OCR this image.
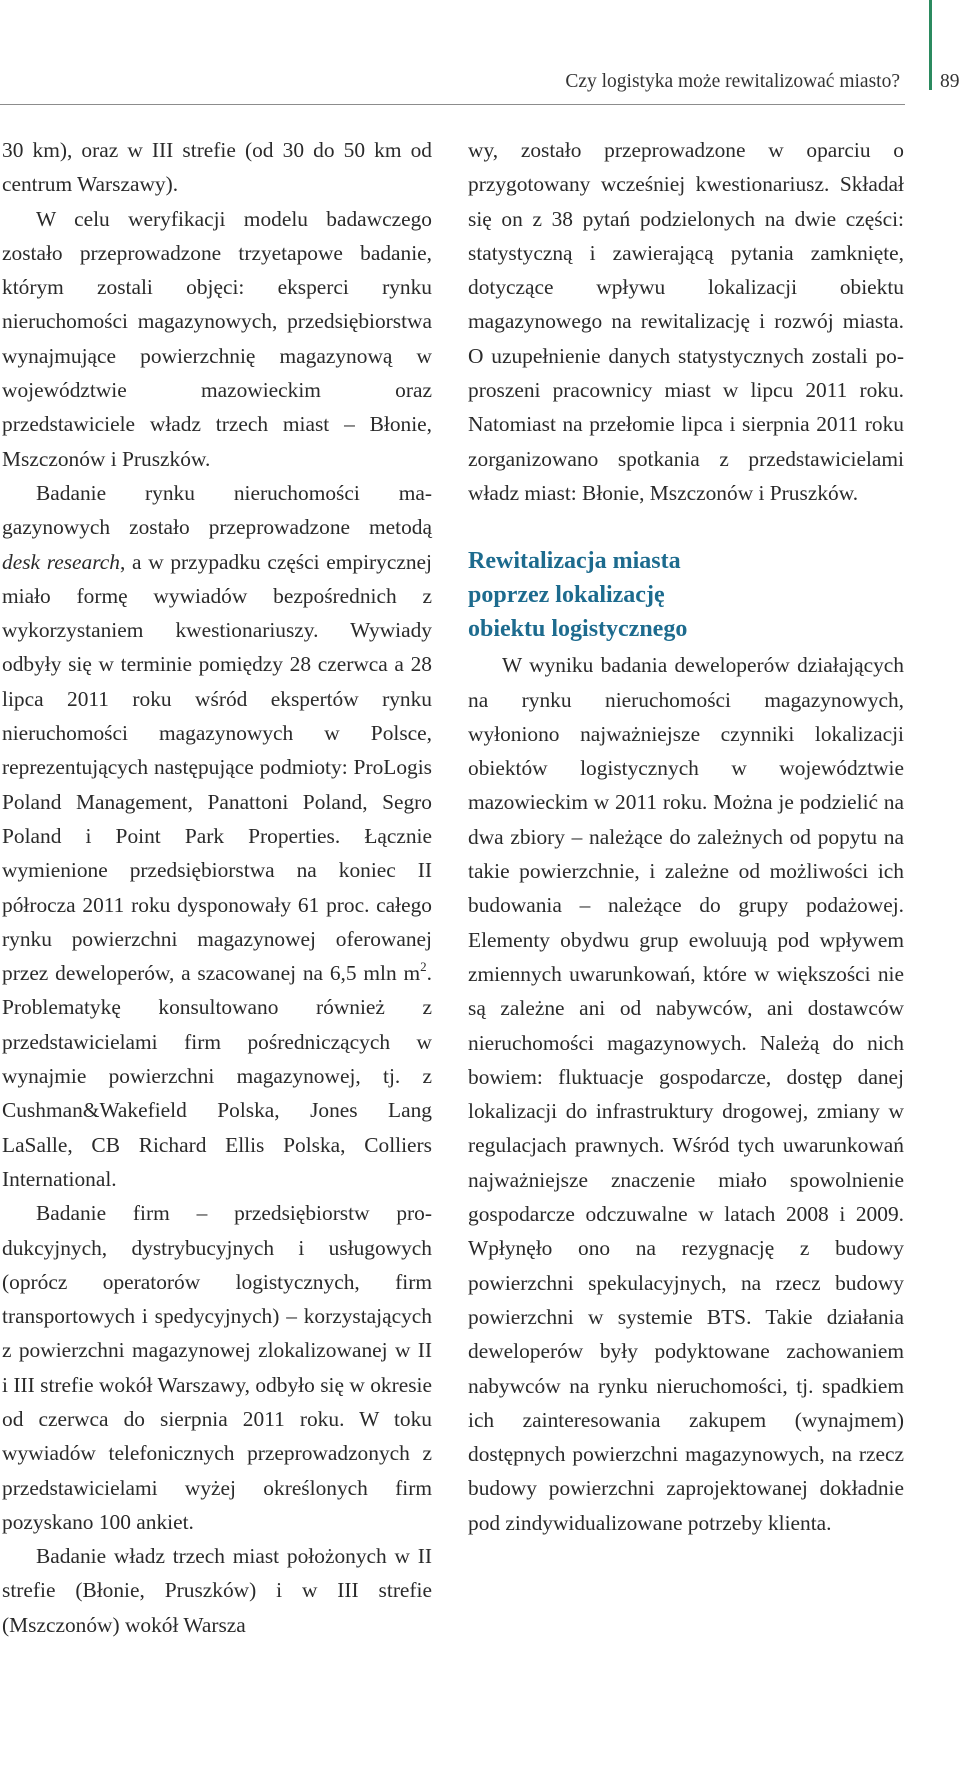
Czy logistyka może rewitalizować miasto? 89

30 km), oraz w III strefie (od 30 do 50 km od centrum Warszawy).

W celu weryfikacji modelu badawczego zostało przeprowadzone trzyetapowe badanie, którym zostali objęci: eksperci rynku nieruchomości magazynowych, przedsiębiorstwa wynajmujące powierzchnię magazynową w województwie mazowieckim oraz przedstawiciele władz trzech miast – Błonie, Mszczonów i Pruszków.

Badanie rynku nieruchomości magazynowych zostało przeprowadzone metodą desk research, a w przypadku części empirycznej miało formę wywiadów bezpośrednich z wykorzystaniem kwestionariuszy. Wywiady odbyły się w terminie pomiędzy 28 czerwca a 28 lipca 2011 roku wśród ekspertów rynku nieruchomości magazynowych w Polsce, reprezentujących następujące podmioty: ProLogis Poland Management, Panattoni Poland, Segro Poland i Point Park Properties. Łącznie wymienione przedsiębiorstwa na koniec II półrocza 2011 roku dysponowały 61 proc. całego rynku powierzchni magazynowej oferowanej przez deweloperów, a szacowanej na 6,5 mln $m^2$. Problematykę konsultowano również z przedstawicielami firm pośredniczących w wynajmie powierzchni magazynowej, tj. z Cushman&Wakefield Polska, Jones Lang LaSalle, CB Richard Ellis Polska, Colliers International.

Badanie firm – przedsiębiorstw produkcyjnych, dystrybucyjnych i usługowych (oprócz operatorów logistycznych, firm transportowych i spedycyjnych) – korzystających z powierzchni magazynowej zlokalizowanej w II i III strefie wokół Warszawy, odbyło się w okresie od czerwca do sierpnia 2011 roku. W toku wywiadów telefonicznych przeprowadzonych z przedstawicielami wyżej określonych firm pozyskano 100 ankiet.

Badanie władz trzech miast położonych w II strefie (Błonie, Pruszków) i w III strefie (Mszczonów) wokół Warsza

wy, zostało przeprowadzone w oparciu o przygotowany wcześniej kwestionariusz. Składał się on z 38 pytań podzielonych na dwie części: statystyczną i zawierającą pytania zamknięte, dotyczące wpływu lokalizacji obiektu magazynowego na rewitalizację i rozwój miasta. O uzupełnienie danych statystycznych zostali poproszeni pracownicy miast w lipcu 2011 roku. Natomiast na przełomie lipca i sierpnia 2011 roku zorganizowano spotkania z przedstawicielami władz miast: Błonie, Mszczonów i Pruszków.

Rewitalizacja miasta
poprzez lokalizację
obiektu logistycznego

W wyniku badania deweloperów działających na rynku nieruchomości magazynowych, wyłoniono najważniejsze czynniki lokalizacji obiektów logistycznych w województwie mazowieckim w 2011 roku. Można je podzielić na dwa zbiory – należące do zależnych od popytu na takie powierzchnie, i zależne od możliwości ich budowania – należące do grupy podażowej. Elementy obydwu grup ewoluują pod wpływem zmiennych uwarunkowań, które w większości nie są zależne ani od nabywców, ani dostawców nieruchomości magazynowych. Należą do nich bowiem: fluktuacje gospodarcze, dostęp danej lokalizacji do infrastruktury drogowej, zmiany w regulacjach prawnych. Wśród tych uwarunkowań najważniejsze znaczenie miało spowolnienie gospodarcze odczuwalne w latach 2008 i 2009. Wpłynęło ono na rezygnację z budowy powierzchni spekulacyjnych, na rzecz budowy powierzchni w systemie BTS. Takie działania deweloperów były podyktowane zachowaniem nabywców na rynku nieruchomości, tj. spadkiem ich zainteresowania zakupem (wynajmem) dostępnych powierzchni magazynowych, na rzecz budowy powierzchni zaprojektowanej dokładnie pod zindywidualizowane potrzeby klienta.
